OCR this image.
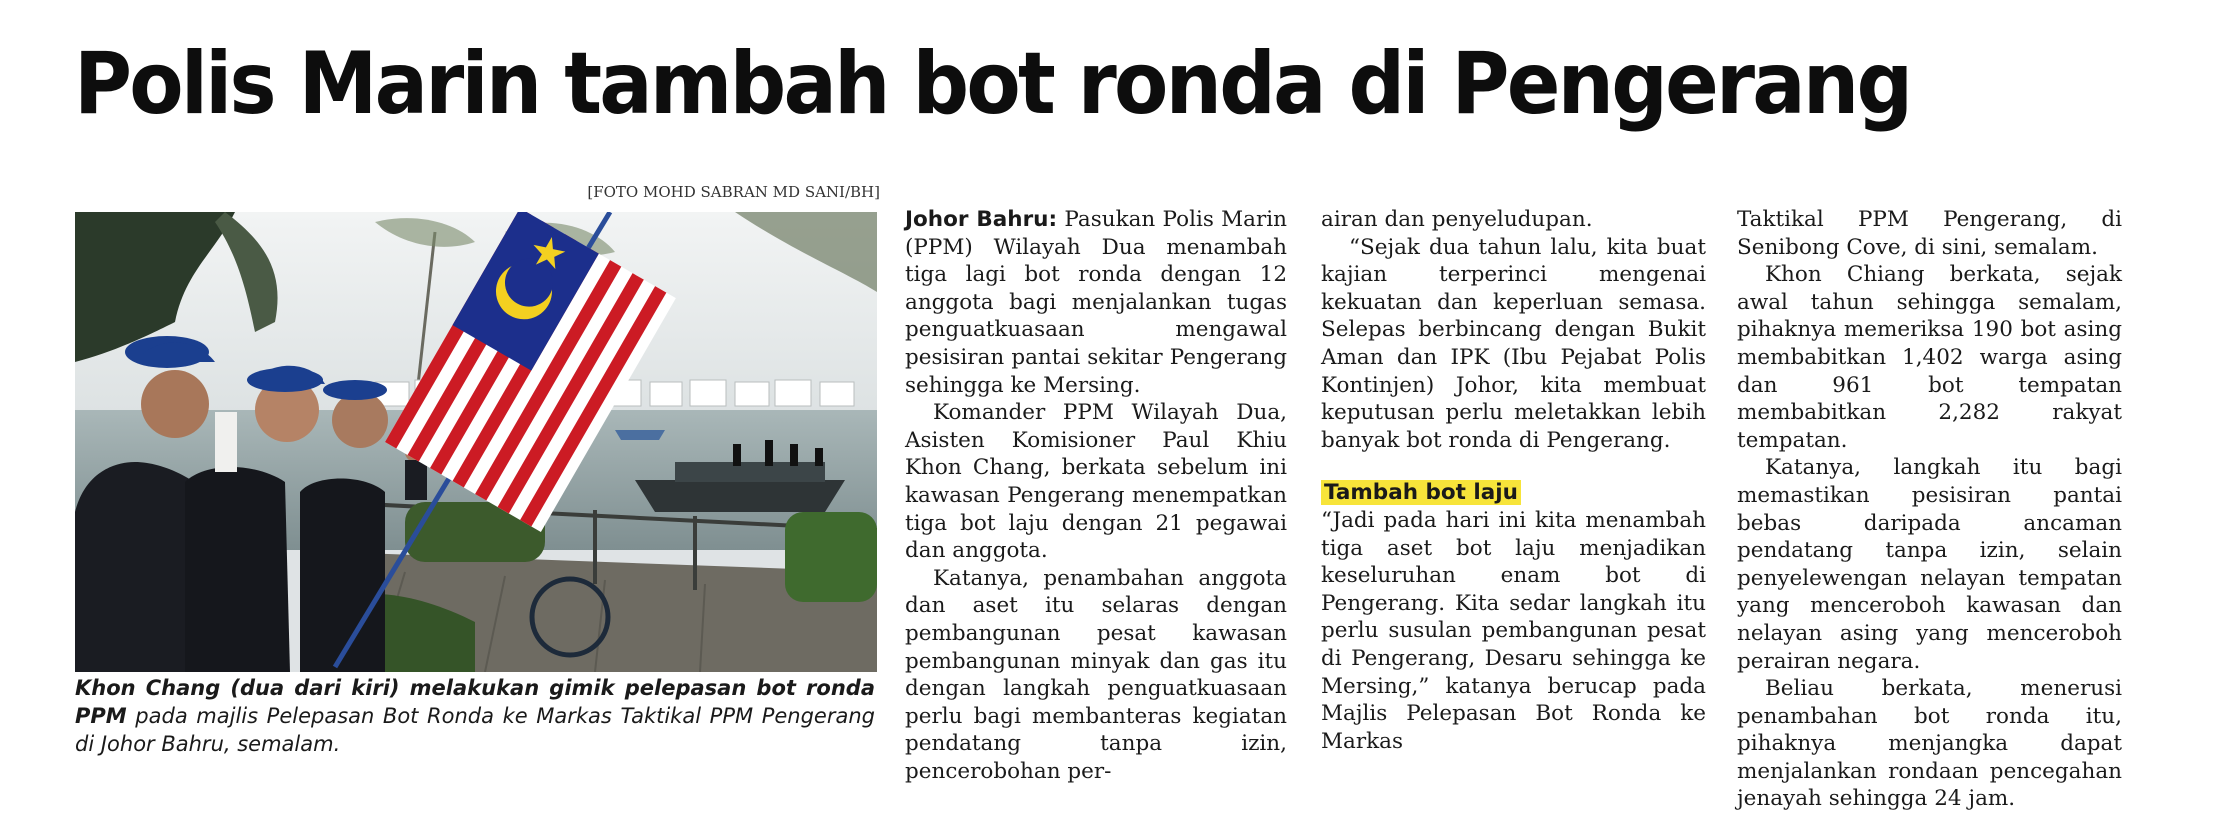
Polis Marin tambah bot ronda di Pengerang
[FOTO MOHD SABRAN MD SANI/BH]
Khon Chang (dua dari kiri) melakukan gimik pelepasan bot ronda PPM pada majlis Pelepasan Bot Ronda ke Markas Taktikal PPM Pengerang di Johor Bahru, semalam.

Johor Bahru: Pasukan Polis Marin (PPM) Wilayah Dua menambah tiga lagi bot ronda dengan 12 anggota bagi menjalankan tugas penguatkuasaan mengawal pesisiran pantai sekitar Pengerang sehingga ke Mersing.

Komander PPM Wilayah Dua, Asisten Komisioner Paul Khiu Khon Chang, berkata sebelum ini kawasan Pengerang menempatkan tiga bot laju dengan 21 pegawai dan anggota.

Katanya, penambahan anggota dan aset itu selaras dengan pembangunan pesat kawasan pembangunan minyak dan gas itu dengan langkah penguatkuasaan perlu bagi membanteras kegiatan pendatang tanpa izin, pencerobohan per-

airan dan penyeludupan.

“Sejak dua tahun lalu, kita buat kajian terperinci mengenai kekuatan dan keperluan semasa. Selepas berbincang dengan Bukit Aman dan IPK (Ibu Pejabat Polis Kontinjen) Johor, kita membuat keputusan perlu meletakkan lebih banyak bot ronda di Pengerang.

Tambah bot laju

“Jadi pada hari ini kita menambah tiga aset bot laju menjadikan keseluruhan enam bot di Pengerang. Kita sedar langkah itu perlu susulan pembangunan pesat di Pengerang, Desaru sehingga ke Mersing,” katanya berucap pada Majlis Pelepasan Bot Ronda ke Markas

Taktikal PPM Pengerang, di Senibong Cove, di sini, semalam.

Khon Chiang berkata, sejak awal tahun sehingga semalam, pihaknya memeriksa 190 bot asing membabitkan 1,402 warga asing dan 961 bot tempatan membabitkan 2,282 rakyat tempatan.

Katanya, langkah itu bagi memastikan pesisiran pantai bebas daripada ancaman pendatang tanpa izin, selain penyelewengan nelayan tempatan yang menceroboh kawasan dan nelayan asing yang menceroboh perairan negara.

Beliau berkata, menerusi penambahan bot ronda itu, pihaknya menjangka dapat menjalankan rondaan pencegahan jenayah sehingga 24 jam.
